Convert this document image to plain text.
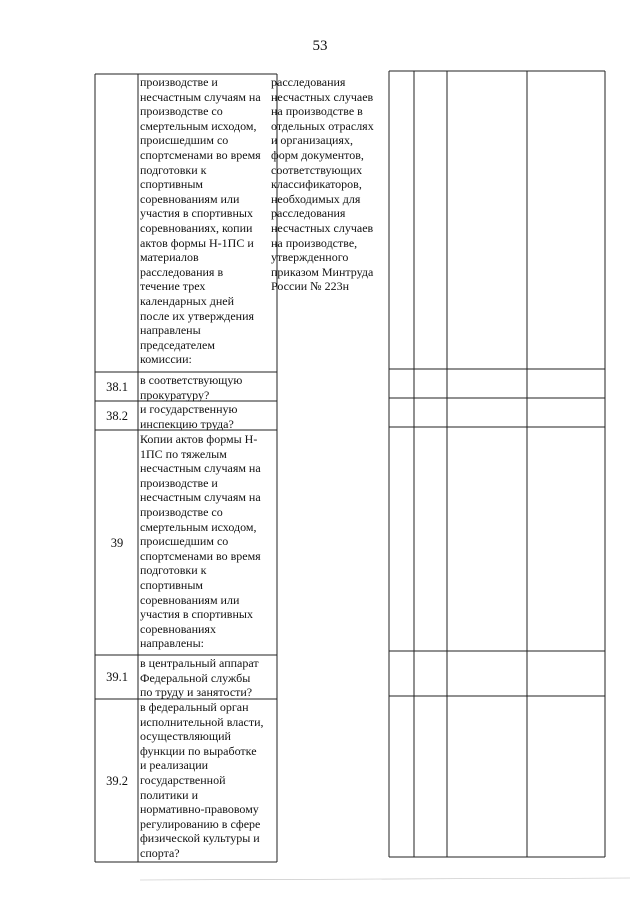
53
производстве и
несчастным случаям на
производстве со
смертельным исходом,
происшедшим со
спортсменами во время
подготовки к
спортивным
соревнованиям или
участия в спортивных
соревнованиях, копии
актов формы Н-1ПС и
материалов
расследования в
течение трех
календарных дней
после их утверждения
направлены
председателем
комиссии:
расследования
несчастных случаев
на производстве в
отдельных отраслях
и организациях,
форм документов,
соответствующих
классификаторов,
необходимых для
расследования
несчастных случаев
на производстве,
утвержденного
приказом Минтруда
России № 223н
38.1	в соответствующую
прокуратуру?
38.2	и государственную
инспекцию труда?
39
Копии актов формы Н-
1ПС по тяжелым
несчастным случаям на
производстве и
несчастным случаям на
производстве со
смертельным исходом,
происшедшим со
спортсменами во время
подготовки к
спортивным
соревнованиям или
участия в спортивных
соревнованиях
направлены:
39.1
в центральный аппарат
Федеральной службы
по труду и занятости?
39.2
в федеральный орган
исполнительной власти,
осуществляющий
функции по выработке
и реализации
государственной
политики и
нормативно-правовому
регулированию в сфере
физической культуры и
спорта?
